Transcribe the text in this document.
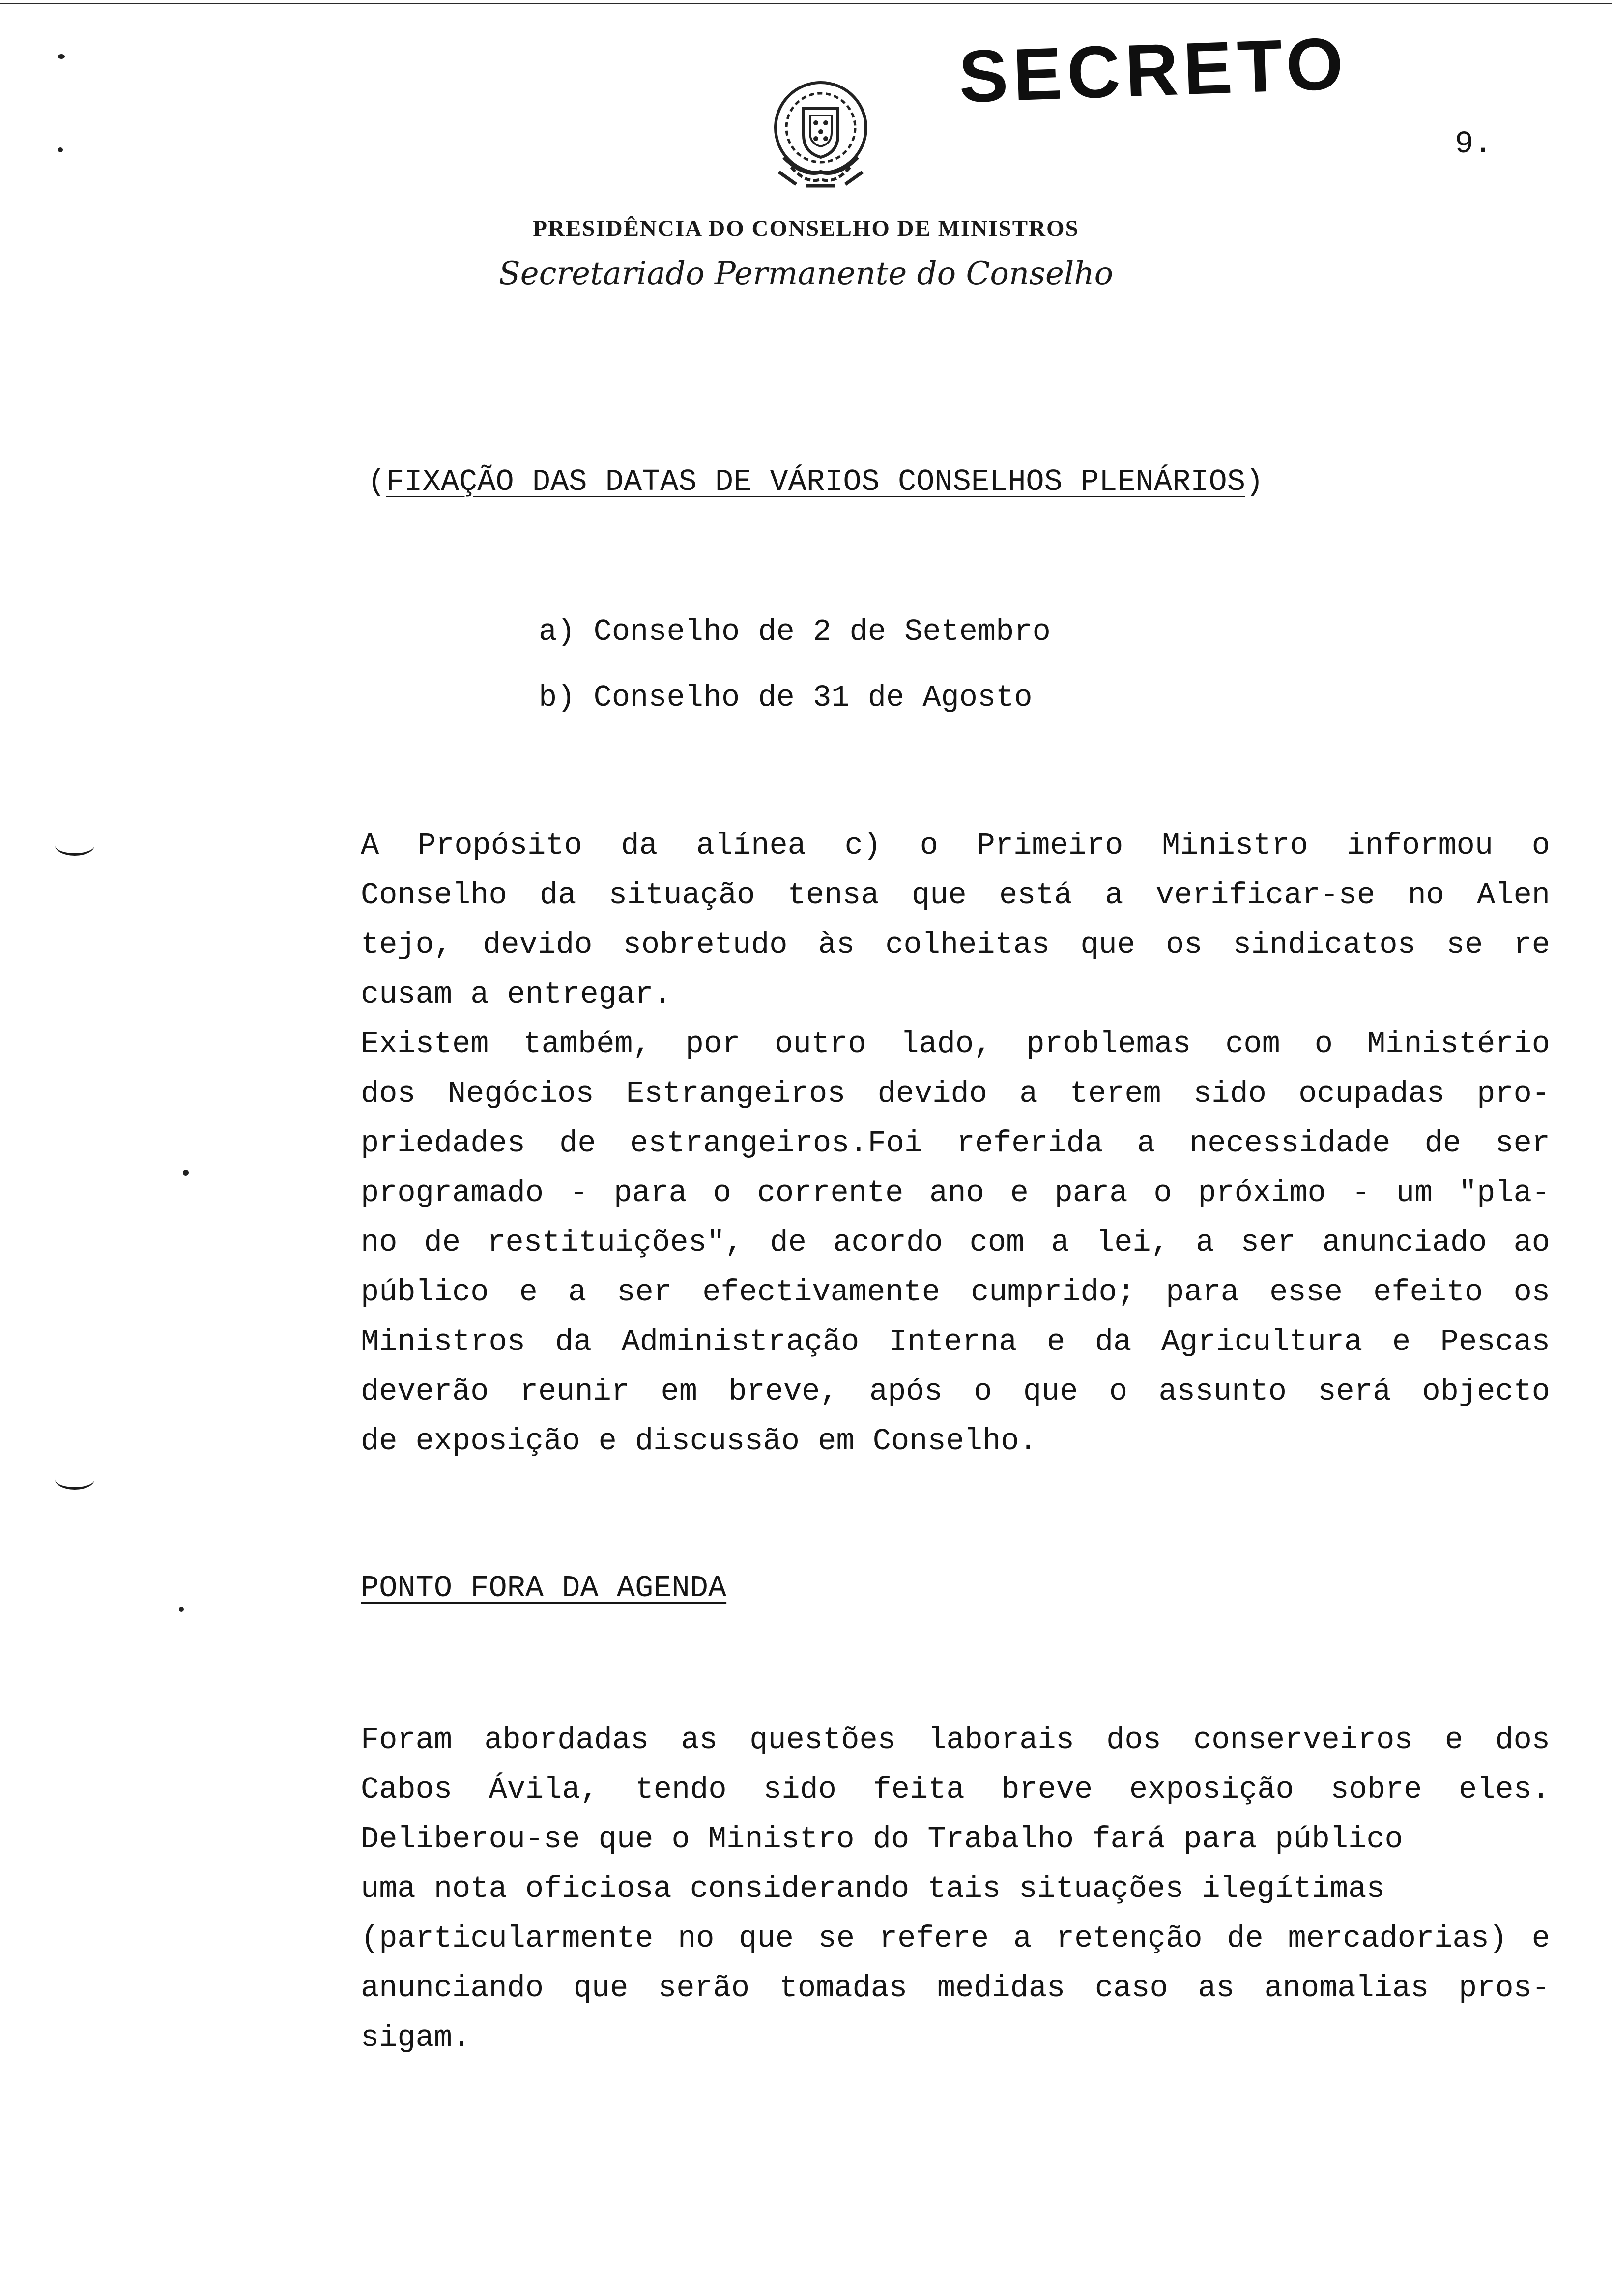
SECRETO
9.
PRESIDÊNCIA DO CONSELHO DE MINISTROS
Secretariado Permanente do Conselho
(FIXAÇÃO DAS DATAS DE VÁRIOS CONSELHOS PLENÁRIOS)
a) Conselho de 2 de Setembro
b) Conselho de 31 de Agosto
A Propósito da alínea c) o Primeiro Ministro informou o
Conselho da situação tensa que está a verificar-se no Alen
tejo, devido sobretudo às colheitas que os sindicatos se re
cusam a entregar.
Existem também, por outro lado, problemas com o Ministério
dos Negócios Estrangeiros devido a terem sido ocupadas pro-
priedades de estrangeiros.Foi referida a necessidade de ser
programado - para o corrente ano e para o próximo - um "pla-
no de restituições", de acordo com a lei, a ser anunciado ao
público e a ser efectivamente cumprido; para esse efeito os
Ministros da Administração Interna e da Agricultura e Pescas
deverão reunir em breve, após o que o assunto será objecto
de exposição e discussão em Conselho.
PONTO FORA DA AGENDA
Foram abordadas as questões laborais dos conserveiros e dos
Cabos Ávila, tendo sido feita breve exposição sobre eles.
Deliberou-se que o Ministro do Trabalho fará para público
uma nota oficiosa considerando tais situações ilegítimas
(particularmente no que se refere a retenção de mercadorias) e
anunciando que serão tomadas medidas caso as anomalias pros-
sigam.
